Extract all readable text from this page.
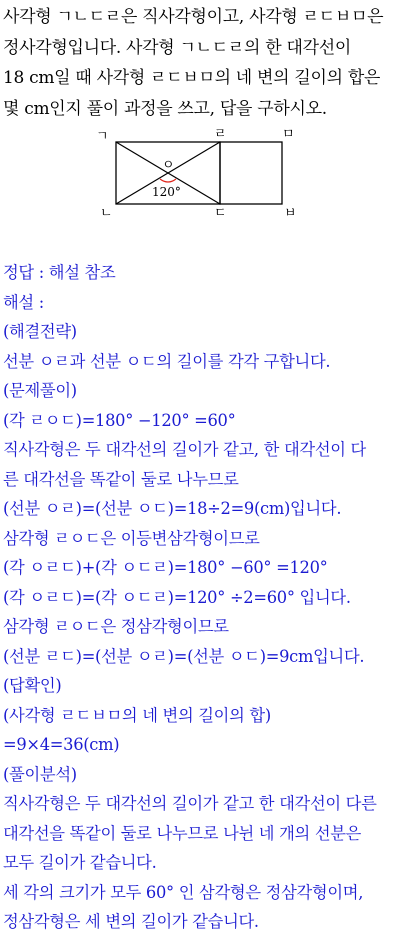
사각형 ㄱㄴㄷㄹ은 직사각형이고, 사각형 ㄹㄷㅂㅁ은
정사각형입니다. 사각형 ㄱㄴㄷㄹ의 한 대각선이
18 cm일 때 사각형 ㄹㄷㅂㅁ의 네 변의 길이의 합은
몇 cm인지 풀이 과정을 쓰고, 답을 구하시오.
ㄱ	ㄹ	ㅁ
ㄴ	ㄷ	ㅂ
ㅇ
120°
정답 : 해설 참조
해설 :
(해결전략)
선분 ㅇㄹ과 선분 ㅇㄷ의 길이를 각각 구합니다.
(문제풀이)
(각 ㄹㅇㄷ)=180° −120° =60°
직사각형은 두 대각선의 길이가 같고, 한 대각선이 다
른 대각선을 똑같이 둘로 나누므로
(선분 ㅇㄹ)=(선분 ㅇㄷ)=18÷2=9(cm)입니다.
삼각형 ㄹㅇㄷ은 이등변삼각형이므로
(각 ㅇㄹㄷ)+(각 ㅇㄷㄹ)=180° −60° =120°
(각 ㅇㄹㄷ)=(각 ㅇㄷㄹ)=120° ÷2=60° 입니다.
삼각형 ㄹㅇㄷ은 정삼각형이므로
(선분 ㄹㄷ)=(선분 ㅇㄹ)=(선분 ㅇㄷ)=9cm입니다.
(답확인)
(사각형 ㄹㄷㅂㅁ의 네 변의 길이의 합)
=9×4=36(cm)
(풀이분석)
직사각형은 두 대각선의 길이가 같고 한 대각선이 다른
대각선을 똑같이 둘로 나누므로 나뉜 네 개의 선분은
모두 길이가 같습니다.
세 각의 크기가 모두 60° 인 삼각형은 정삼각형이며,
정삼각형은 세 변의 길이가 같습니다.
